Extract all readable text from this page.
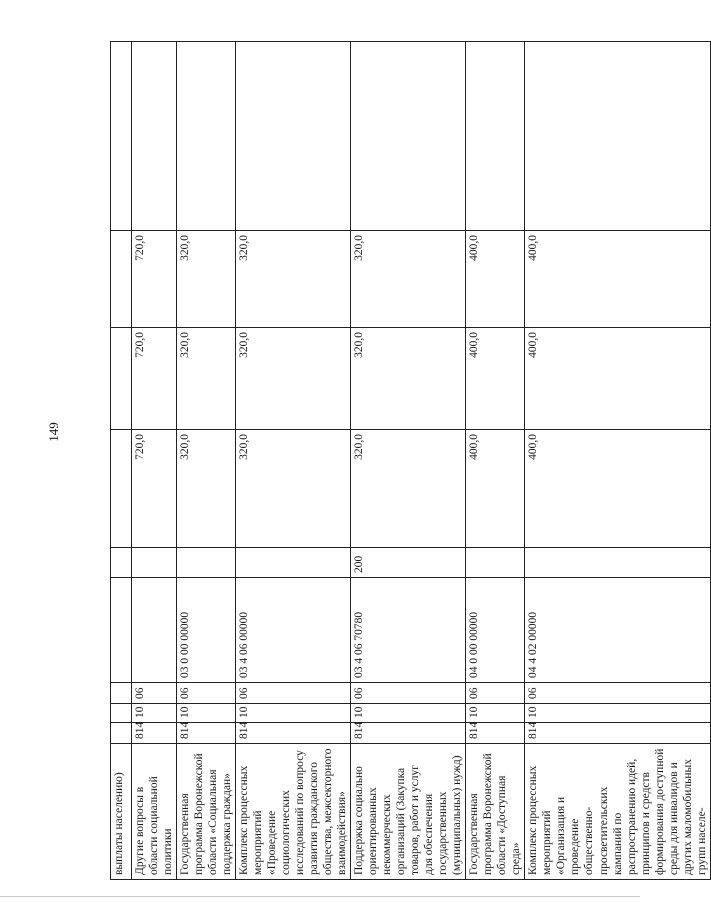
149
выплаты населению)									
Другие вопросы в области социальной политики	814	10	06			720,0	720,0	720,0	
Государственная программа Воронежской области «Социальная поддержка граждан»	814	10	06	03 0 00 00000		320,0	320,0	320,0	
Комплекс процессных мероприятий «Проведение социологических исследований по вопросу развития гражданского общества, межсекторного взаимодействия»	814	10	06	03 4 06 00000		320,0	320,0	320,0	
Поддержка социально ориентированных некоммерческих организаций (Закупка товаров, работ и услуг для обеспечения государственных (муниципальных) нужд)	814	10	06	03 4 06 70780	200	320,0	320,0	320,0	
Государственная программа Воронежской области «Доступная среда»	814	10	06	04 0 00 00000		400,0	400,0	400,0	
Комплекс процессных мероприятий «Организация и проведение общественно-просветительских кампаний по распространению идей, принципов и средств формирования доступной среды для инвалидов и других маломобильных групп населе-	814	10	06	04 4 02 00000		400,0	400,0	400,0	
